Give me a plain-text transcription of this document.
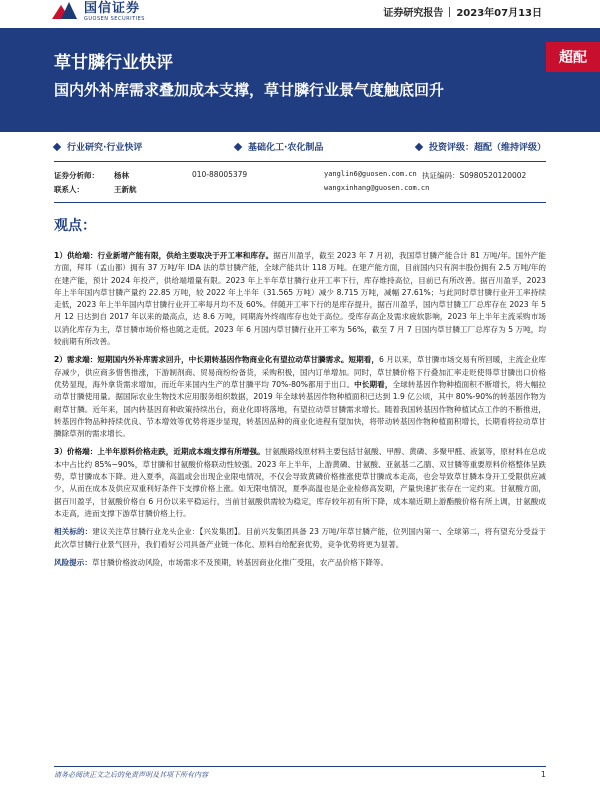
国信证券
GUOSEN SECURITIES	证券研究报告 2023年07月13日
草甘膦行业快评
国内外补库需求叠加成本支撑，草甘膦行业景气度触底回升
超配
行业研究·行业快评	基础化工·农化制品	投资评级：超配（维持评级）
证券分析师： 杨林	010-88005379	yanglin6@guosen.com.cn 执证编码：S0980520120002
联系人：	王新航	wangxinhang@guosen.com.cn
观点：

1）供给端：行业新增产能有限，供给主要取决于开工率和库存。据百川盈孚，截至 2023 年 7 月初，我国草甘膦产能合计 81 万吨/年。国外产能方面，拜耳（孟山都）拥有 37 万吨/年 IDA 法的草甘膦产能，全球产能共计 118 万吨。在建产能方面，目前国内只有润丰股份拥有 2.5 万吨/年的在建产能，预计 2024 年投产，供给端增量有限。2023 年上半年草甘膦行业开工率下行，库存维持高位，目前已有所改善。据百川盈孚，2023 年上半年国内草甘膦产量约 22.85 万吨，较 2022 年上半年（31.565 万吨）减少 8.715 万吨，减幅 27.61%；与此同时草甘膦行业开工率持续走低，2023 年上半年国内草甘膦行业开工率每月均不及 60%。伴随开工率下行的是库存提升，据百川盈孚，国内草甘膦工厂总库存在 2023 年 5 月 12 日达到自 2017 年以来的最高点，达 8.6 万吨，同期海外终端库存也处于高位。受库存高企及需求疲软影响，2023 年上半年主流采购市场以消化库存为主，草甘膦市场价格也随之走低。2023 年 6 月国内草甘膦行业开工率为 56%，截至 7 月 7 日国内草甘膦工厂总库存为 5 万吨，均较前期有所改善。

2）需求端：短期国内外补库需求回升，中长期转基因作物商业化有望拉动草甘膦需求。短期看，6 月以来，草甘膦市场交易有所回暖，主流企业库存减少，供应商多惜售推涨，下游制剂商、贸易商纷纷备货，采购积极，国内订单增加。同时，草甘膦价格下行叠加汇率走贬使得草甘膦出口价格优势显现，海外拿货需求增加，而近年来国内生产的草甘膦平均 70%-80%都用于出口。中长期看，全球转基因作物种植面积不断增长，将大幅拉动草甘膦使用量。据国际农业生物技术应用服务组织数据，2019 年全球转基因作物种植面积已达到 1.9 亿公顷，其中 80%-90%的转基因作物为耐草甘膦。近年来，国内转基因育种政策持续出台，商业化即将落地，有望拉动草甘膦需求增长。随着我国转基因作物种植试点工作的不断推进，转基因作物品种持续优良、节本增效等优势将逐步显现，转基因品种的商业化进程有望加快，将带动转基因作物种植面积增长，长期看将拉动草甘膦除草剂的需求增长。

3）价格端：上半年原料价格走跌，近期成本端支撑有所增强。甘氨酸路线原材料主要包括甘氨酸、甲醇、黄磷、多聚甲醛、液氯等，原材料在总成本中占比约 85%~90%，草甘膦和甘氨酸价格联动性较强。2023 年上半年，上游黄磷、甘氨酸、亚氨基二乙腈、双甘膦等重要原料价格整体呈跌势，草甘膦成本下降。进入夏季，高温或会出现企业限电情况，不仅会导致黄磷价格推涨使草甘膦成本走高，也会导致草甘膦本身开工受限供应减少，从而在成本及供应双重利好条件下支撑价格上涨。如无限电情况，夏季高温也是企业检修高发期，产量快速扩张存在一定约束。甘氨酸方面，据百川盈孚，甘氨酸价格自 6 月份以来平稳运行，当前甘氨酸供需较为稳定，库存较年初有所下降，成本端近期上游酯酸价格有所上调，甘氨酸成本走高，进而支撑下游草甘膦价格上行。

相关标的：建议关注草甘膦行业龙头企业：【兴发集团】。目前兴发集团具备 23 万吨/年草甘膦产能，位列国内第一、全球第二，将有望充分受益于此次草甘膦行业景气回升，我们看好公司具备产业链一体化、原料自给配套优势，竞争优势将更为显著。

风险提示：草甘膦价格波动风险，市场需求不及预期，转基因商业化推广受阻，农产品价格下降等。

请务必阅读正文之后的免责声明及其项下所有内容	1
